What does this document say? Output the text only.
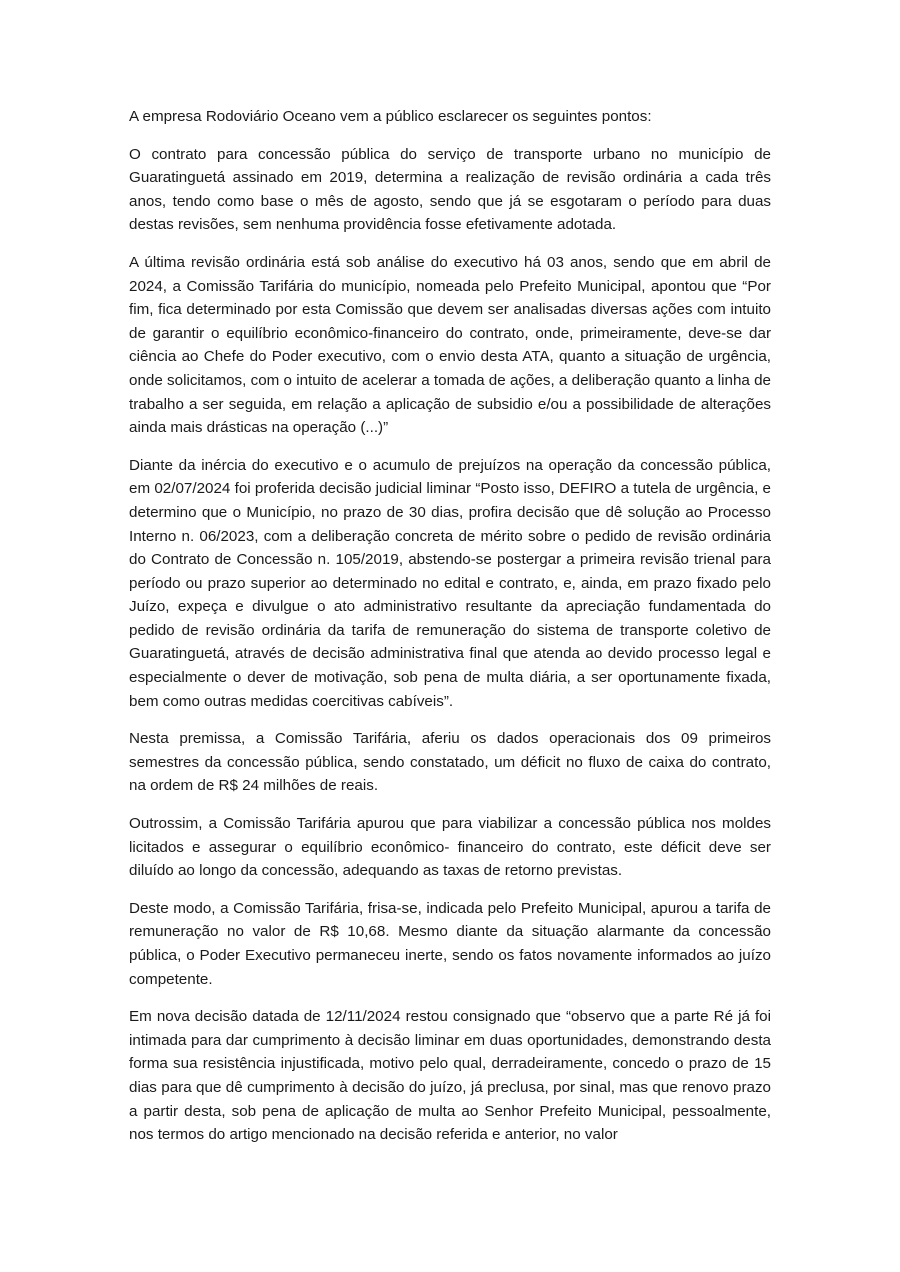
A empresa Rodoviário Oceano vem a público esclarecer os seguintes pontos:

O contrato para concessão pública do serviço de transporte urbano no município de Guaratinguetá assinado em 2019, determina a realização de revisão ordinária a cada três anos, tendo como base o mês de agosto, sendo que já se esgotaram o período para duas destas revisões, sem nenhuma providência fosse efetivamente adotada.

A última revisão ordinária está sob análise do executivo há 03 anos, sendo que em abril de 2024, a Comissão Tarifária do município, nomeada pelo Prefeito Municipal, apontou que “Por fim, fica determinado por esta Comissão que devem ser analisadas diversas ações com intuito de garantir o equilíbrio econômico-financeiro do contrato, onde, primeiramente, deve-se dar ciência ao Chefe do Poder executivo, com o envio desta ATA, quanto a situação de urgência, onde solicitamos, com o intuito de acelerar a tomada de ações, a deliberação quanto a linha de trabalho a ser seguida, em relação a aplicação de subsidio e/ou a possibilidade de alterações ainda mais drásticas na operação (...)”

Diante da inércia do executivo e o acumulo de prejuízos na operação da concessão pública, em 02/07/2024 foi proferida decisão judicial liminar “Posto isso, DEFIRO a tutela de urgência, e determino que o Município, no prazo de 30 dias, profira decisão que dê solução ao Processo Interno n. 06/2023, com a deliberação concreta de mérito sobre o pedido de revisão ordinária do Contrato de Concessão n. 105/2019, abstendo-se postergar a primeira revisão trienal para período ou prazo superior ao determinado no edital e contrato, e, ainda, em prazo fixado pelo Juízo, expeça e divulgue o ato administrativo resultante da apreciação fundamentada do pedido de revisão ordinária da tarifa de remuneração do sistema de transporte coletivo de Guaratinguetá, através de decisão administrativa final que atenda ao devido processo legal e especialmente o dever de motivação, sob pena de multa diária, a ser oportunamente fixada, bem como outras medidas coercitivas cabíveis”.

Nesta premissa, a Comissão Tarifária, aferiu os dados operacionais dos 09 primeiros semestres da concessão pública, sendo constatado, um déficit no fluxo de caixa do contrato, na ordem de R$ 24 milhões de reais.

Outrossim, a Comissão Tarifária apurou que para viabilizar a concessão pública nos moldes licitados e assegurar o equilíbrio econômico- financeiro do contrato, este déficit deve ser diluído ao longo da concessão, adequando as taxas de retorno previstas.

Deste modo, a Comissão Tarifária, frisa-se, indicada pelo Prefeito Municipal, apurou a tarifa de remuneração no valor de R$ 10,68. Mesmo diante da situação alarmante da concessão pública, o Poder Executivo permaneceu inerte, sendo os fatos novamente informados ao juízo competente.

Em nova decisão datada de 12/11/2024 restou consignado que “observo que a parte Ré já foi intimada para dar cumprimento à decisão liminar em duas oportunidades, demonstrando desta forma sua resistência injustificada, motivo pelo qual, derradeiramente, concedo o prazo de 15 dias para que dê cumprimento à decisão do juízo, já preclusa, por sinal, mas que renovo prazo a partir desta, sob pena de aplicação de multa ao Senhor Prefeito Municipal, pessoalmente, nos termos do artigo mencionado na decisão referida e anterior, no valor
